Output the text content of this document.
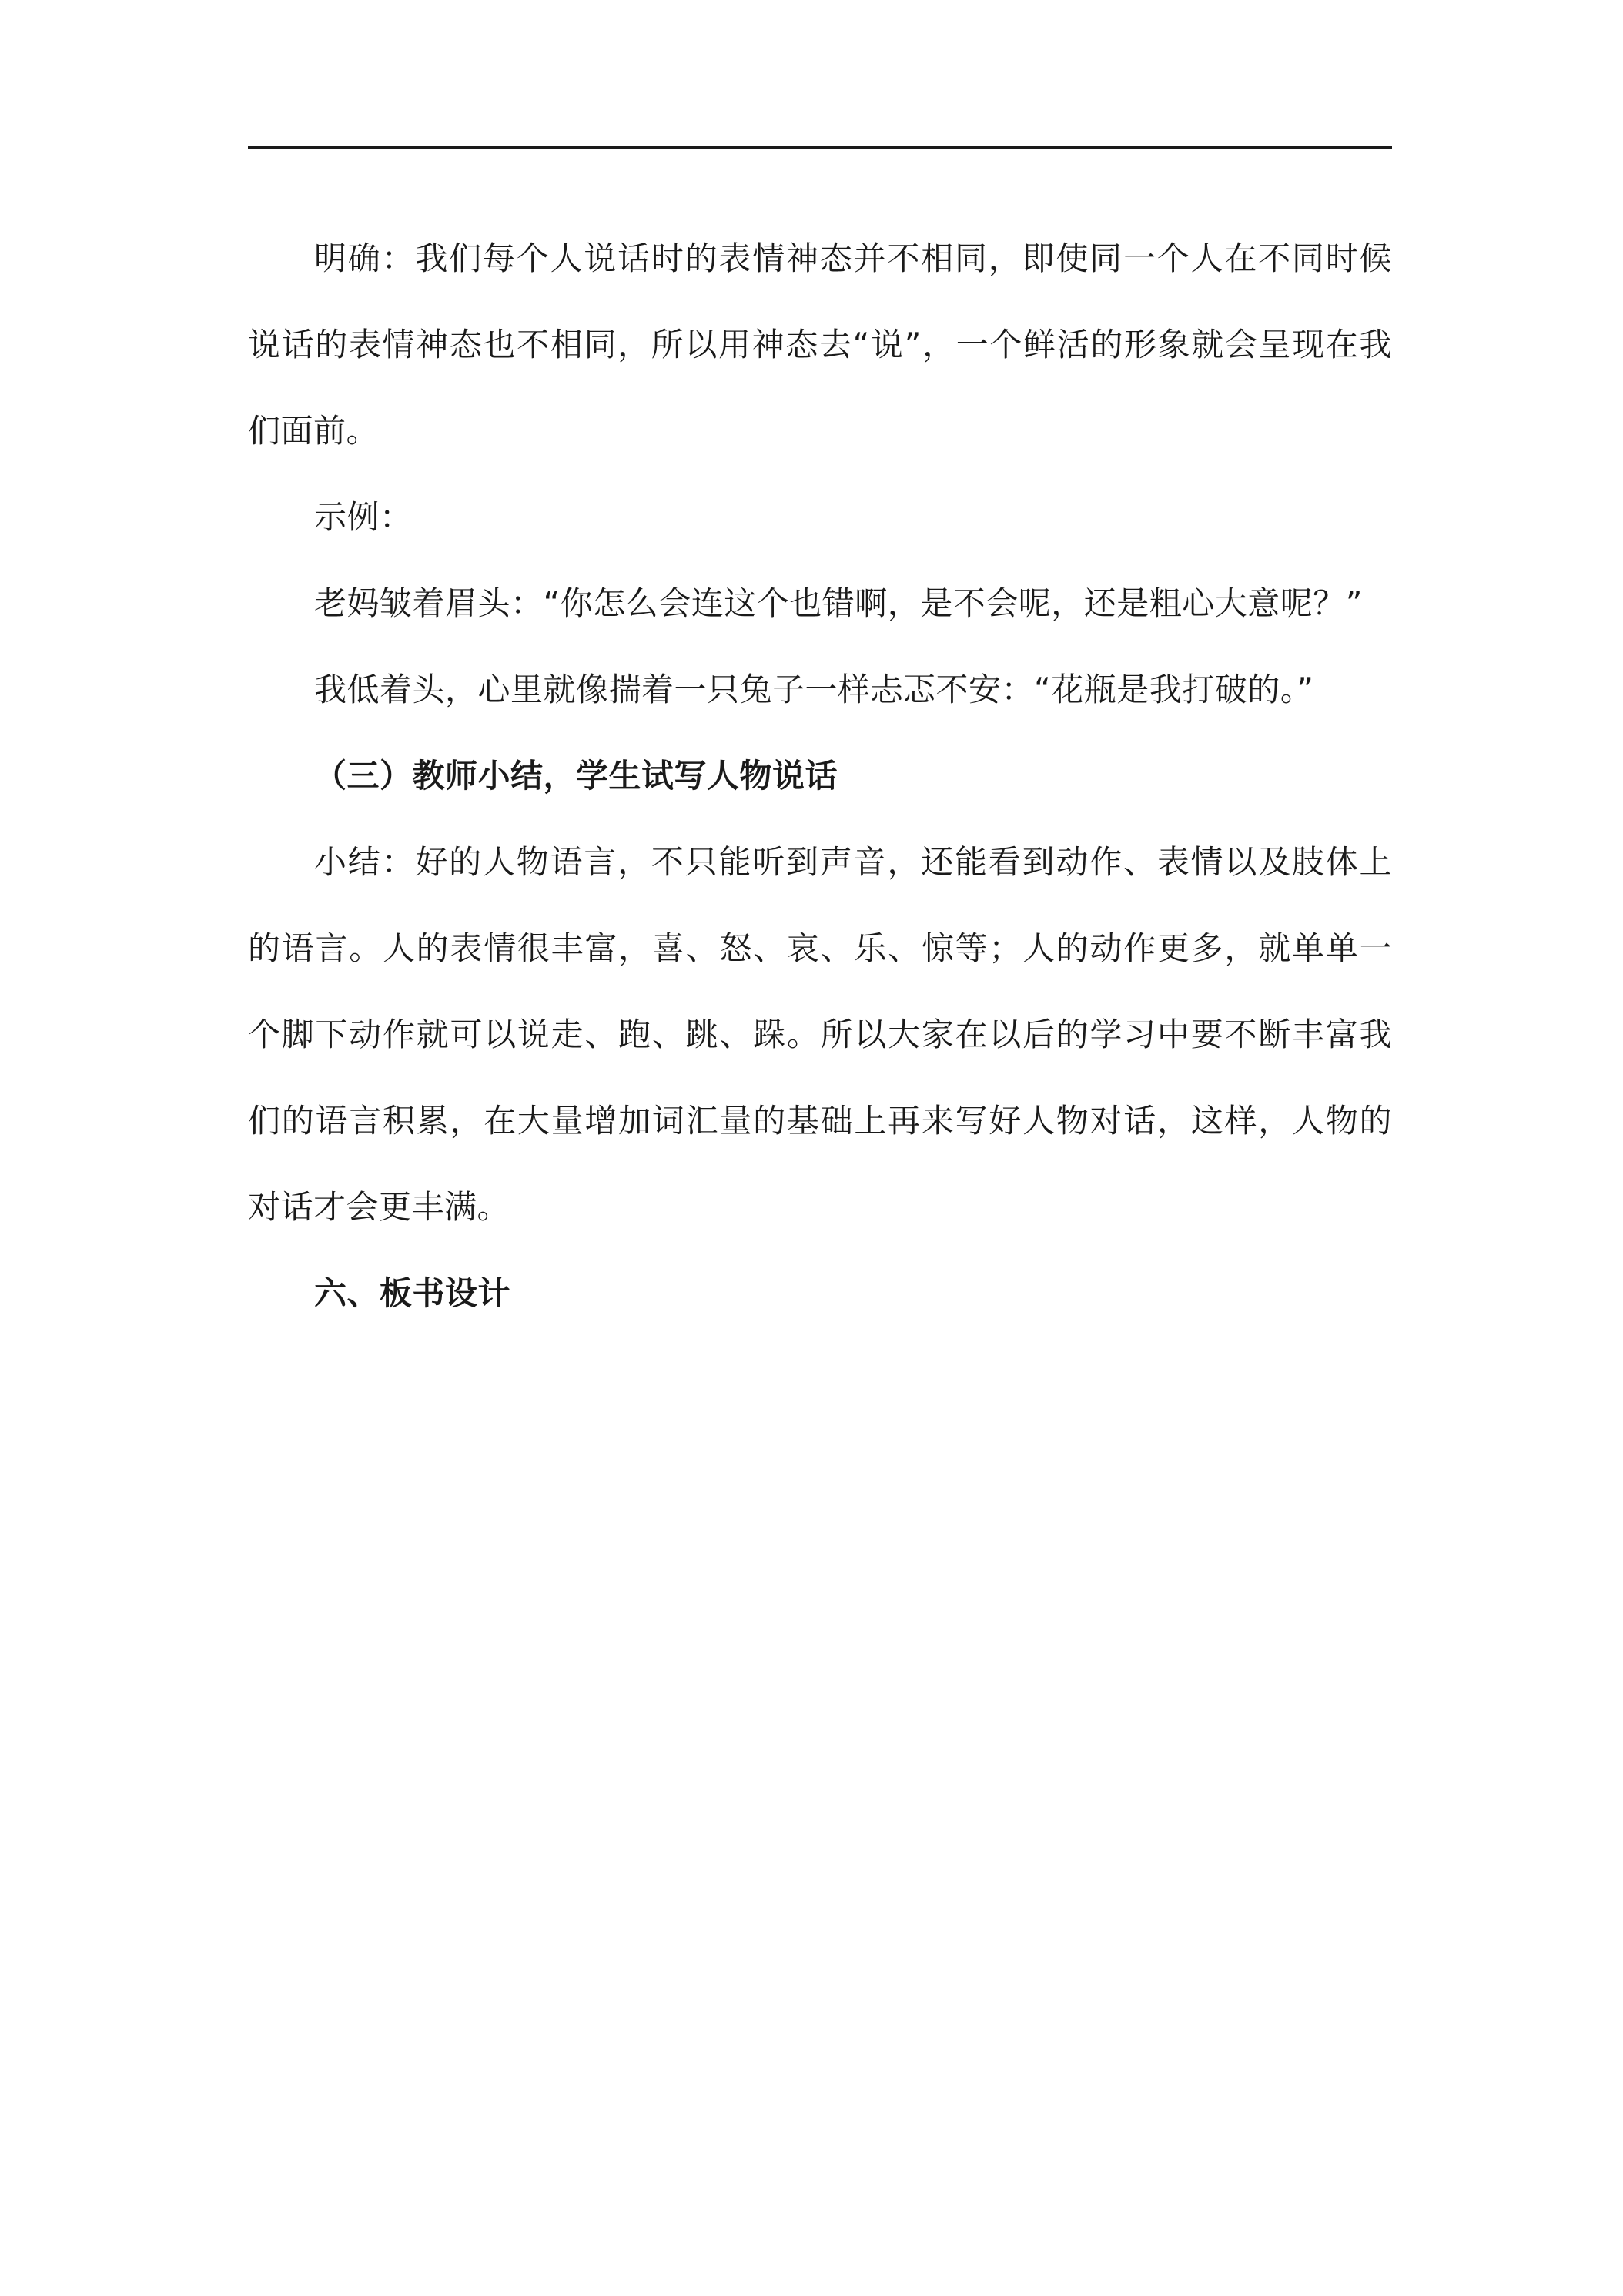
明确：我们每个人说话时的表情神态并不相同，即使同一个人在不同时候说话的表情神态也不相同，所以用神态去“说”，一个鲜活的形象就会呈现在我们面前。

示例：

老妈皱着眉头：“你怎么会连这个也错啊，是不会呢，还是粗心大意呢？”

我低着头，心里就像揣着一只兔子一样忐忑不安：“花瓶是我打破的。”

（三）教师小结，学生试写人物说话

小结：好的人物语言，不只能听到声音，还能看到动作、表情以及肢体上的语言。人的表情很丰富，喜、怒、哀、乐、惊等；人的动作更多，就单单一个脚下动作就可以说走、跑、跳、跺。所以大家在以后的学习中要不断丰富我们的语言积累，在大量增加词汇量的基础上再来写好人物对话，这样，人物的对话才会更丰满。

六、板书设计
